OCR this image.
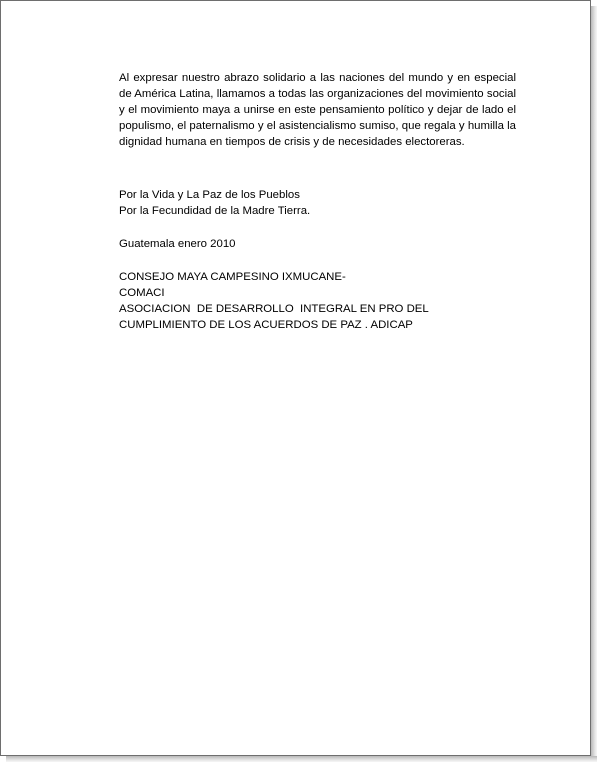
Al expresar nuestro abrazo solidario a las naciones del mundo y en especial de América Latina, llamamos a todas las organizaciones del movimiento social y el movimiento maya a unirse en este pensamiento político y dejar de lado el populismo, el paternalismo y el asistencialismo sumiso, que regala y humilla la dignidad humana en tiempos de crisis y de necesidades electoreras.

Por la Vida y La Paz de los Pueblos
Por la Fecundidad de la Madre Tierra.
Guatemala enero 2010
CONSEJO MAYA CAMPESINO IXMUCANE-
COMACI
ASOCIACION  DE DESARROLLO  INTEGRAL EN PRO DEL
CUMPLIMIENTO DE LOS ACUERDOS DE PAZ . ADICAP
